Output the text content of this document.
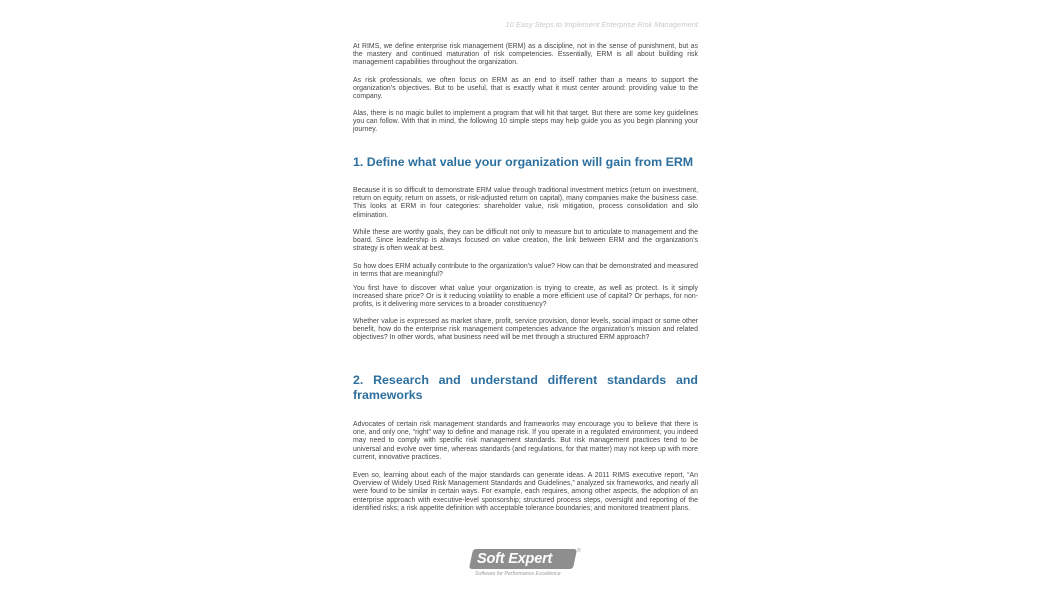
10 Easy Steps to Implement Enterprise Risk Management

At RIMS, we define enterprise risk management (ERM) as a discipline, not in the sense of punishment, but as the mastery and continued maturation of risk competencies. Essentially, ERM is all about building risk management capabilities throughout the organization.

As risk professionals, we often focus on ERM as an end to itself rather than a means to support the organization’s objectives. But to be useful, that is exactly what it must center around: providing value to the company.

Alas, there is no magic bullet to implement a program that will hit that target. But there are some key guidelines you can follow. With that in mind, the following 10 simple steps may help guide you as you begin planning your journey.

1. Define what value your organization will gain from ERM

Because it is so difficult to demonstrate ERM value through traditional investment metrics (return on investment, return on equity, return on assets, or risk-adjusted return on capital), many companies make the business case. This looks at ERM in four categories: shareholder value, risk mitigation, process consolidation and silo elimination.

While these are worthy goals, they can be difficult not only to measure but to articulate to management and the board. Since leadership is always focused on value creation, the link between ERM and the organization’s strategy is often weak at best.

So how does ERM actually contribute to the organization’s value? How can that be demonstrated and measured in terms that are meaningful?

You first have to discover what value your organization is trying to create, as well as protect. Is it simply increased share price? Or is it reducing volatility to enable a more efficient use of capital? Or perhaps, for non-profits, is it delivering more services to a broader constituency?

Whether value is expressed as market share, profit, service provision, donor levels, social impact or some other benefit, how do the enterprise risk management competencies advance the organization’s mission and related objectives? In other words, what business need will be met through a structured ERM approach?

2. Research and understand different standards and frameworks

Advocates of certain risk management standards and frameworks may encourage you to believe that there is one, and only one, “right” way to define and manage risk. If you operate in a regulated environment, you indeed may need to comply with specific risk management standards. But risk management practices tend to be universal and evolve over time, whereas standards (and regulations, for that matter) may not keep up with more current, innovative practices.

Even so, learning about each of the major standards can generate ideas. A 2011 RIMS executive report, “An Overview of Widely Used Risk Management Standards and Guidelines,” analyzed six frameworks, and nearly all were found to be similar in certain ways. For example, each requires, among other aspects, the adoption of an enterprise approach with executive-level sponsorship; structured process steps, oversight and reporting of the identified risks; a risk appetite definition with acceptable tolerance boundaries; and monitored treatment plans.

Soft Expert	®
Software for Performance Excellence
